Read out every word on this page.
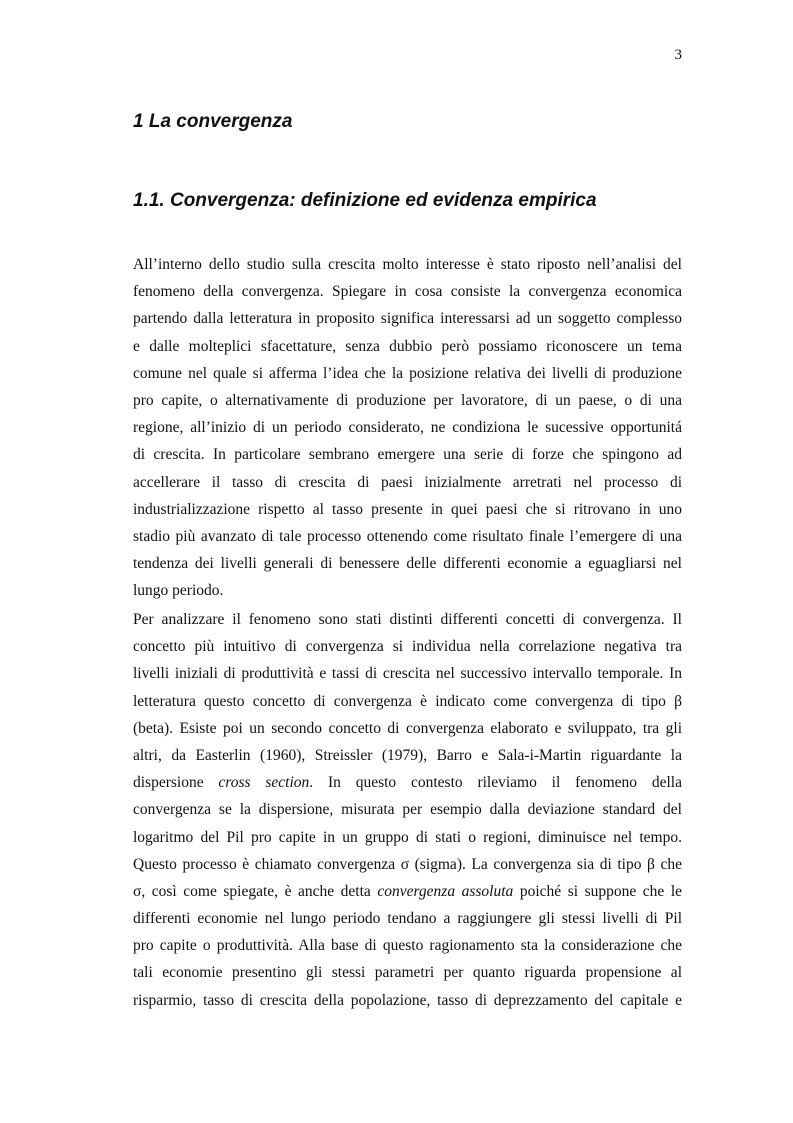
3
1 La convergenza
1.1. Convergenza: definizione ed evidenza empirica
All’interno dello studio sulla crescita molto interesse è stato riposto nell’analisi del
fenomeno della convergenza. Spiegare in cosa consiste la convergenza economica
partendo dalla letteratura in proposito significa interessarsi ad un soggetto complesso
e dalle molteplici sfacettature, senza dubbio però possiamo riconoscere un tema
comune nel quale si afferma l’idea che la posizione relativa dei livelli di produzione
pro capite, o alternativamente di produzione per lavoratore, di un paese, o di una
regione, all’inizio di un periodo considerato, ne condiziona le sucessive opportunitá
di crescita. In particolare sembrano emergere una serie di forze che spingono ad
accellerare il tasso di crescita di paesi inizialmente arretrati nel processo di
industrializzazione rispetto al tasso presente in quei paesi che si ritrovano in uno
stadio più avanzato di tale processo ottenendo come risultato finale l’emergere di una
tendenza dei livelli generali di benessere delle differenti economie a eguagliarsi nel
lungo periodo.
Per analizzare il fenomeno sono stati distinti differenti concetti di convergenza. Il
concetto più intuitivo di convergenza si individua nella correlazione negativa tra
livelli iniziali di produttività e tassi di crescita nel successivo intervallo temporale. In
letteratura questo concetto di convergenza è indicato come convergenza di tipo β
(beta). Esiste poi un secondo concetto di convergenza elaborato e sviluppato, tra gli
altri, da Easterlin (1960), Streissler (1979), Barro e Sala-i-Martin riguardante la
dispersione cross section. In questo contesto rileviamo il fenomeno della
convergenza se la dispersione, misurata per esempio dalla deviazione standard del
logaritmo del Pil pro capite in un gruppo di stati o regioni, diminuisce nel tempo.
Questo processo è chiamato convergenza σ (sigma). La convergenza sia di tipo β che
σ, così come spiegate, è anche detta convergenza assoluta poiché si suppone che le
differenti economie nel lungo periodo tendano a raggiungere gli stessi livelli di Pil
pro capite o produttività. Alla base di questo ragionamento sta la considerazione che
tali economie presentino gli stessi parametri per quanto riguarda propensione al
risparmio, tasso di crescita della popolazione, tasso di deprezzamento del capitale e
